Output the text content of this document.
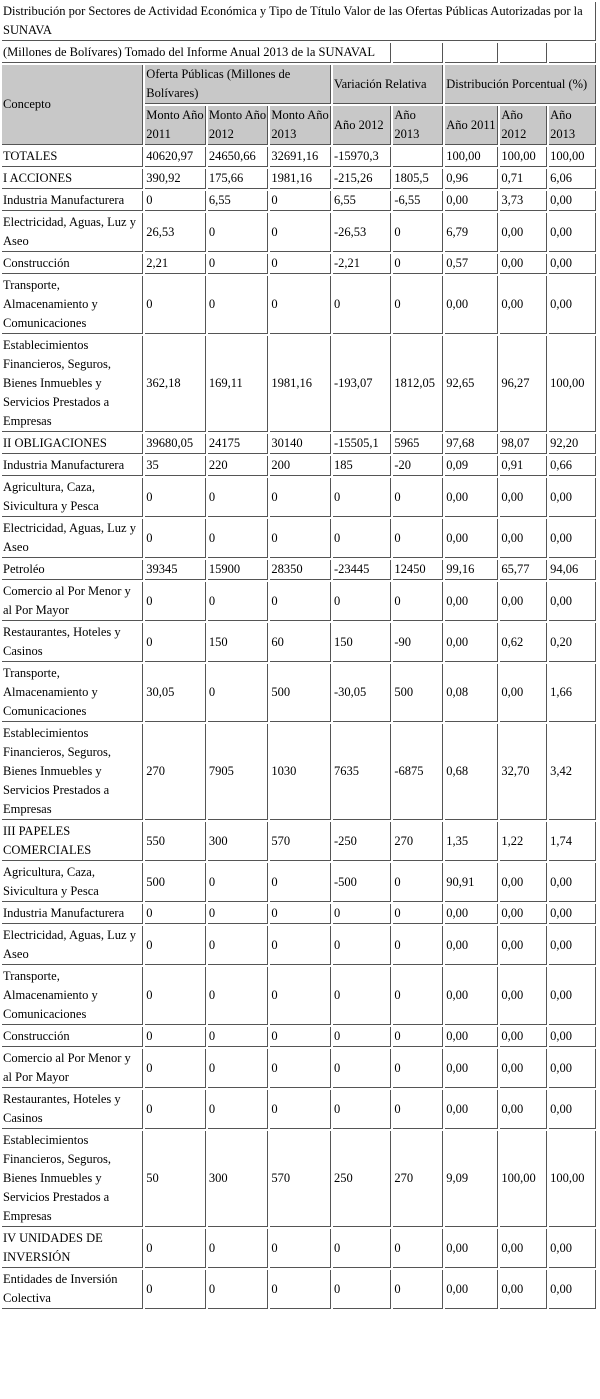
Distribución por Sectores de Actividad Económica y Tipo de Título Valor de las Ofertas Públicas Autorizadas por la SUNAVA								
(Millones de Bolívares) Tomado del Informe Anual 2013 de la SUNAVAL								
Concepto	Oferta Públicas (Millones de Bolívares)			Variación Relativa		Distribución Porcentual (%)		
	Monto Año 2011	Monto Año 2012	Monto Año 2013	Año 2012	Año 2013	Año 2011	Año 2012	Año 2013
TOTALES	40620,97	24650,66	32691,16	-15970,3		100,00	100,00	100,00
I ACCIONES	390,92	175,66	1981,16	-215,26	1805,5	0,96	0,71	6,06
Industria Manufacturera	0	6,55	0	6,55	-6,55	0,00	3,73	0,00
Electricidad, Aguas, Luz y Aseo	26,53	0	0	-26,53	0	6,79	0,00	0,00
Construcción	2,21	0	0	-2,21	0	0,57	0,00	0,00
Transporte, Almacenamiento y Comunicaciones	0	0	0	0	0	0,00	0,00	0,00
Establecimientos Financieros, Seguros, Bienes Inmuebles y Servicios Prestados a Empresas	362,18	169,11	1981,16	-193,07	1812,05	92,65	96,27	100,00
II OBLIGACIONES	39680,05	24175	30140	-15505,1	5965	97,68	98,07	92,20
Industria Manufacturera	35	220	200	185	-20	0,09	0,91	0,66
Agricultura, Caza, Sivicultura y Pesca	0	0	0	0	0	0,00	0,00	0,00
Electricidad, Aguas, Luz y Aseo	0	0	0	0	0	0,00	0,00	0,00
Petroléo	39345	15900	28350	-23445	12450	99,16	65,77	94,06
Comercio al Por Menor y al Por Mayor	0	0	0	0	0	0,00	0,00	0,00
Restaurantes, Hoteles y Casinos	0	150	60	150	-90	0,00	0,62	0,20
Transporte, Almacenamiento y Comunicaciones	30,05	0	500	-30,05	500	0,08	0,00	1,66
Establecimientos Financieros, Seguros, Bienes Inmuebles y Servicios Prestados a Empresas	270	7905	1030	7635	-6875	0,68	32,70	3,42
III PAPELES COMERCIALES	550	300	570	-250	270	1,35	1,22	1,74
Agricultura, Caza, Sivicultura y Pesca	500	0	0	-500	0	90,91	0,00	0,00
Industria Manufacturera	0	0	0	0	0	0,00	0,00	0,00
Electricidad, Aguas, Luz y Aseo	0	0	0	0	0	0,00	0,00	0,00
Transporte, Almacenamiento y Comunicaciones	0	0	0	0	0	0,00	0,00	0,00
Construcción	0	0	0	0	0	0,00	0,00	0,00
Comercio al Por Menor y al Por Mayor	0	0	0	0	0	0,00	0,00	0,00
Restaurantes, Hoteles y Casinos	0	0	0	0	0	0,00	0,00	0,00
Establecimientos Financieros, Seguros, Bienes Inmuebles y Servicios Prestados a Empresas	50	300	570	250	270	9,09	100,00	100,00
IV UNIDADES DE INVERSIÓN	0	0	0	0	0	0,00	0,00	0,00
Entidades de Inversión Colectiva	0	0	0	0	0	0,00	0,00	0,00
